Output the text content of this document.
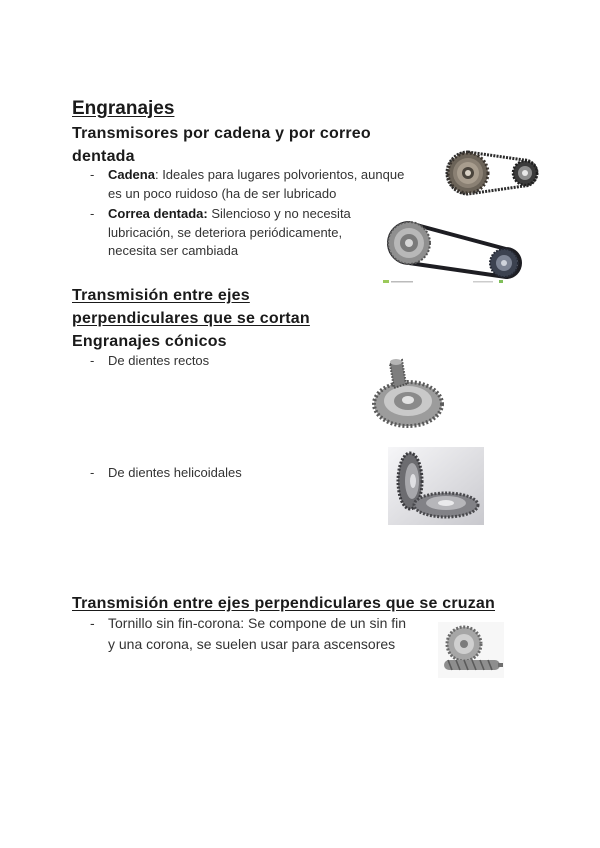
Engranajes
Transmisores por cadena y por correo dentada
- Cadena: Ideales para lugares polvorientos, aunque es un poco ruidoso (ha de ser lubricado
- Correa dentada: Silencioso y no necesita lubricación, se deteriora periódicamente, necesita ser cambiada
Transmisión entre ejes perpendiculares que se cortan
Engranajes cónicos
- De dientes rectos
- De dientes helicoidales
Transmisión entre ejes perpendiculares que se cruzan
- Tornillo sin fin-corona: Se compone de un sin fin y una corona, se suelen usar para ascensores
